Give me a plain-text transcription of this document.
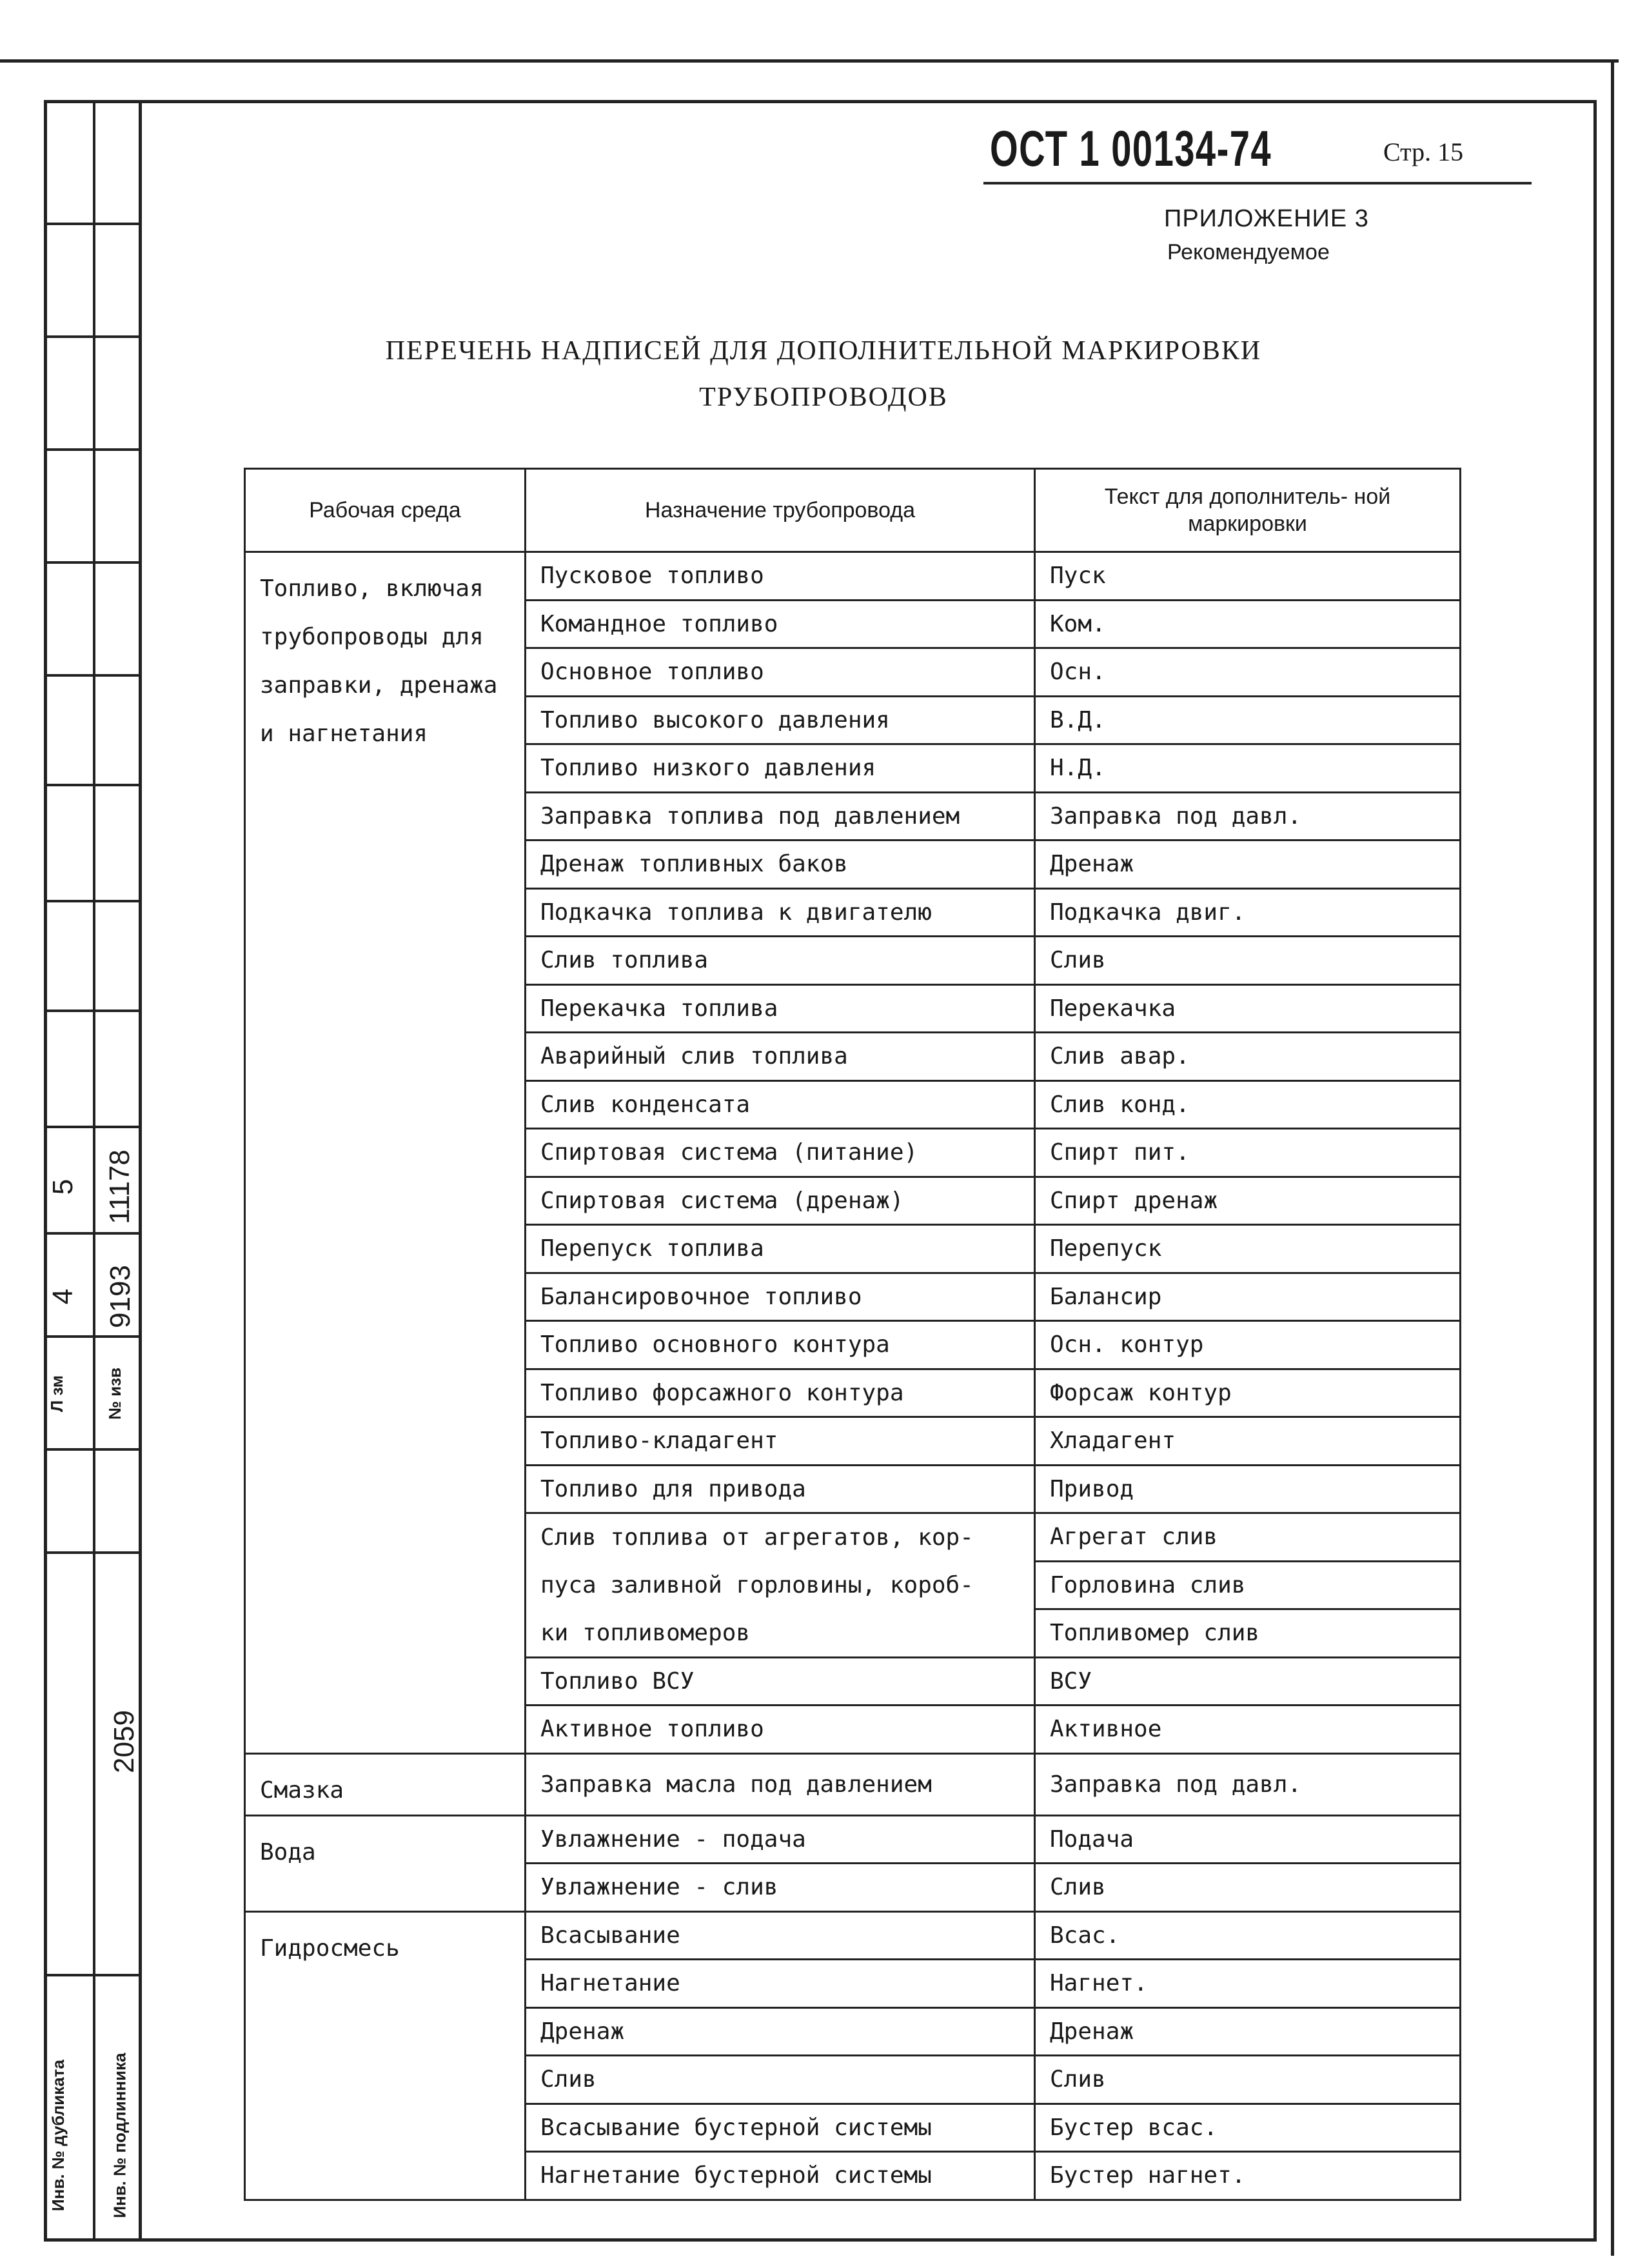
5 11178
4 9193
Л зм № изв
2059
Инв. № дубликата	Инв. № подлинника
ОСТ 1 00134-74	Стр. 15
ПРИЛОЖЕНИЕ 3
Рекомендуемое
ПЕРЕЧЕНЬ НАДПИСЕЙ ДЛЯ ДОПОЛНИТЕЛЬНОЙ МАРКИРОВКИ
ТРУБОПРОВОДОВ
Рабочая среда	Назначение трубопровода	Текст для дополнитель- ной маркировки
Топливо, включая трубопроводы для заправки, дренажа и нагнетания	Пусковое топливо	Пуск
	Командное топливо	Ком.
	Основное топливо	Осн.
	Топливо высокого давления	В.Д.
	Топливо низкого давления	Н.Д.
	Заправка топлива под давлением	Заправка под давл.
	Дренаж топливных баков	Дренаж
	Подкачка топлива к двигателю	Подкачка двиг.
	Слив топлива	Слив
	Перекачка топлива	Перекачка
	Аварийный слив топлива	Слив авар.
	Слив конденсата	Слив конд.
	Спиртовая система (питание)	Спирт пит.
	Спиртовая система (дренаж)	Спирт дренаж
	Перепуск топлива	Перепуск
	Балансировочное топливо	Балансир
	Топливо основного контура	Осн. контур
	Топливо форсажного контура	Форсаж контур
	Топливо-кладагент	Хладагент
	Топливо для привода	Привод
	Слив топлива от агрегатов, кор-	Агрегат слив
	пуса заливной горловины, короб-	Горловина слив
	ки топливомеров	Топливомер слив
	Топливо ВСУ	ВСУ
	Активное топливо	Активное
Смазка	Заправка масла под давлением	Заправка под давл.
Вода	Увлажнение - подача	Подача
	Увлажнение - слив	Слив
Гидросмесь	Всасывание	Всас.
	Нагнетание	Нагнет.
	Дренаж	Дренаж
	Слив	Слив
	Всасывание бустерной системы	Бустер всас.
	Нагнетание бустерной системы	Бустер нагнет.
